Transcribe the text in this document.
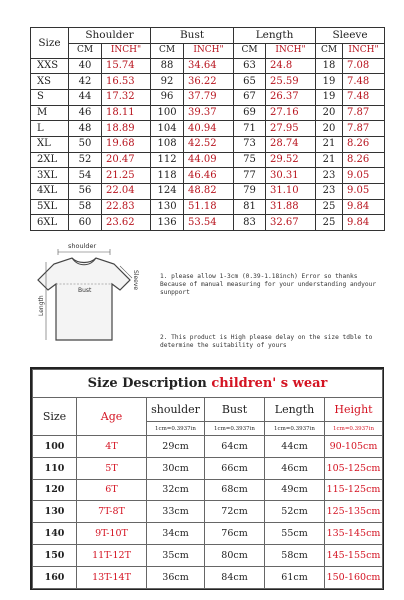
Size	Shoulder		Bust		Length		Sleeve	
	CM	INCH"	CM	INCH"	CM	INCH"	CM	INCH"
XXS	40	15.74	88	34.64	63	24.8	18	7.08
XS	42	16.53	92	36.22	65	25.59	19	7.48
S	44	17.32	96	37.79	67	26.37	19	7.48
M	46	18.11	100	39.37	69	27.16	20	7.87
L	48	18.89	104	40.94	71	27.95	20	7.87
XL	50	19.68	108	42.52	73	28.74	21	8.26
2XL	52	20.47	112	44.09	75	29.52	21	8.26
3XL	54	21.25	118	46.46	77	30.31	23	9.05
4XL	56	22.04	124	48.82	79	31.10	23	9.05
5XL	58	22.83	130	51.18	81	31.88	25	9.84
6XL	60	23.62	136	53.54	83	32.67	25	9.84
shoulder
Bust
Length
Sleeve	1. please allow 1-3cm (0.39-1.18inch) Error so thanks
Because of manual measuring for your understanding andyour
sunpport
2. This product is High please delay on the size tdble to
determine the suitability of yours
Size Description children' s wear					
Size	Age	shoulder	Bust	Length	Height
		1cm=0.3937in	1cm=0.3937in	1cm=0.3937in	1cm=0.3937in
100	4T	29cm	64cm	44cm	90-105cm
110	5T	30cm	66cm	46cm	105-125cm
120	6T	32cm	68cm	49cm	115-125cm
130	7T-8T	33cm	72cm	52cm	125-135cm
140	9T-10T	34cm	76cm	55cm	135-145cm
150	11T-12T	35cm	80cm	58cm	145-155cm
160	13T-14T	36cm	84cm	61cm	150-160cm
